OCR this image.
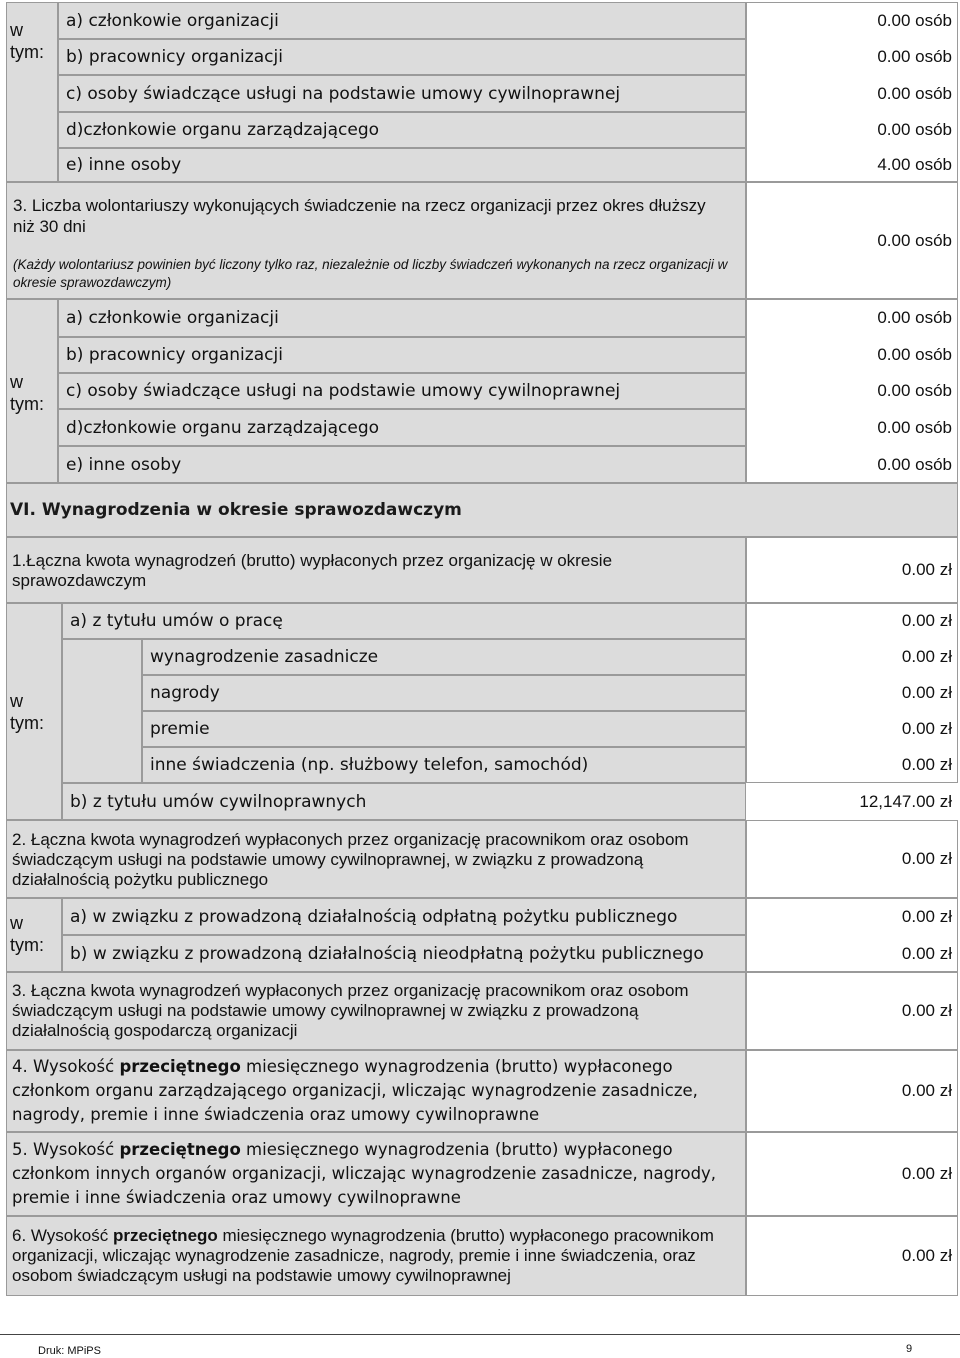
w
tym:
a) członkowie organizacji
b) pracownicy organizacji
c) osoby świadczące usługi na podstawie umowy cywilnoprawnej
d)członkowie organu zarządzającego
e) inne osoby
0.00 osób
0.00 osób
0.00 osób
0.00 osób
4.00 osób
3. Liczba wolontariuszy wykonujących świadczenie na rzecz organizacji przez okres dłuższy niż 30 dni
(Każdy wolontariusz powinien być liczony tylko raz, niezależnie od liczby świadczeń wykonanych na rzecz organizacji w okresie sprawozdawczym)
0.00 osób
w
tym:
a) członkowie organizacji
b) pracownicy organizacji
c) osoby świadczące usługi na podstawie umowy cywilnoprawnej
d)członkowie organu zarządzającego
e) inne osoby
0.00 osób
0.00 osób
0.00 osób
0.00 osób
0.00 osób
VI. Wynagrodzenia w okresie sprawozdawczym
1.Łączna kwota wynagrodzeń (brutto) wypłaconych przez organizację w okresie sprawozdawczym
0.00 zł
w
tym:
a) z tytułu umów o pracę
wynagrodzenie zasadnicze
nagrody
premie
inne świadczenia (np. służbowy telefon, samochód)
b) z tytułu umów cywilnoprawnych
0.00 zł
0.00 zł
0.00 zł
0.00 zł
0.00 zł
12,147.00 zł
2. Łączna kwota wynagrodzeń wypłaconych przez organizację pracownikom oraz osobom świadczącym usługi na podstawie umowy cywilnoprawnej, w związku z prowadzoną działalnością pożytku publicznego
0.00 zł
w
tym:
a) w związku z prowadzoną działalnością odpłatną pożytku publicznego
b) w związku z prowadzoną działalnością nieodpłatną pożytku publicznego
0.00 zł
0.00 zł
3. Łączna kwota wynagrodzeń wypłaconych przez organizację pracownikom oraz osobom świadczącym usługi na podstawie umowy cywilnoprawnej w związku z prowadzoną działalnością gospodarczą organizacji
0.00 zł
4. Wysokość przeciętnego miesięcznego wynagrodzenia (brutto) wypłaconego członkom organu zarządzającego organizacji, wliczając wynagrodzenie zasadnicze, nagrody, premie i inne świadczenia oraz umowy cywilnoprawne
0.00 zł
5. Wysokość przeciętnego miesięcznego wynagrodzenia (brutto) wypłaconego członkom innych organów organizacji, wliczając wynagrodzenie zasadnicze, nagrody, premie i inne świadczenia oraz umowy cywilnoprawne
0.00 zł
6. Wysokość przeciętnego miesięcznego wynagrodzenia (brutto) wypłaconego pracownikom organizacji, wliczając wynagrodzenie zasadnicze, nagrody, premie i inne świadczenia, oraz osobom świadczącym usługi na podstawie umowy cywilnoprawnej
0.00 zł
Druk: MPiPS	9
